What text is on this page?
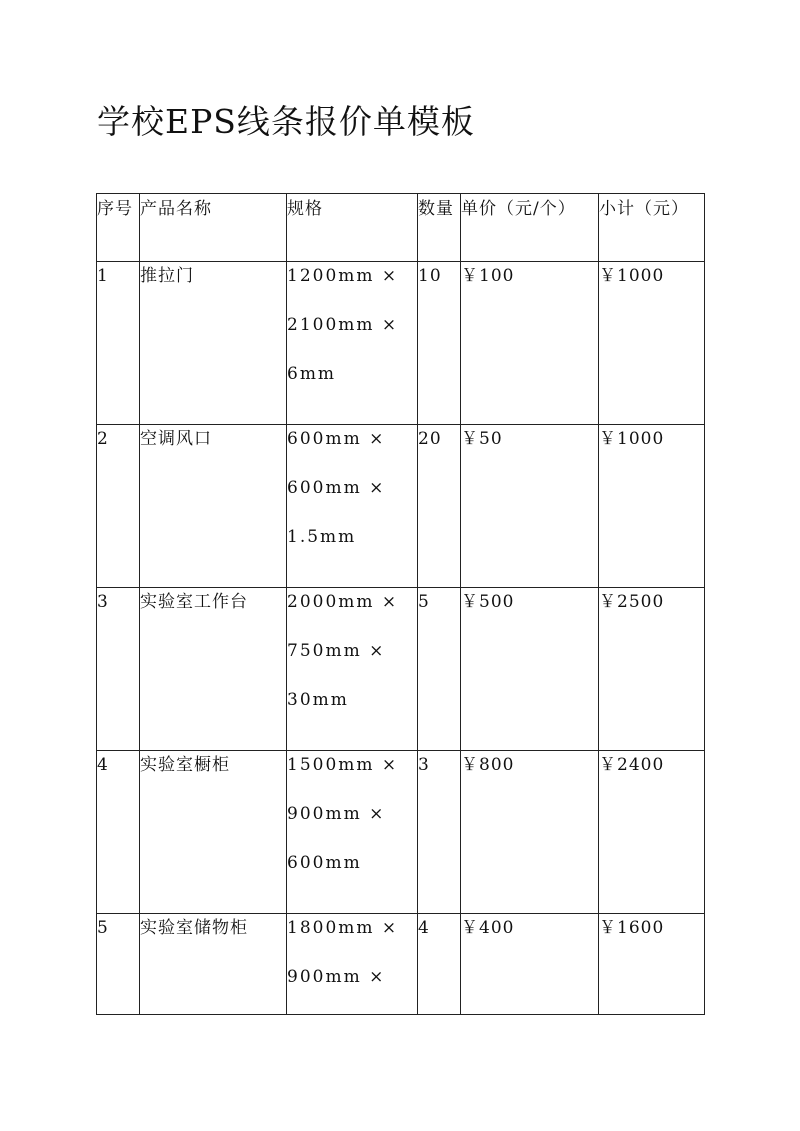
学校EPS线条报价单模板
序号	产品名称	规格	数量	单价（元/个）	小计（元）

1	推拉门	1200mm ×
2100mm ×
6mm	10	￥100	￥1000

2	空调风口	600mm ×
600mm ×
1.5mm	20	￥50	￥1000

3	实验室工作台	2000mm ×
750mm ×
30mm	5	￥500	￥2500

4	实验室橱柜	1500mm ×
900mm ×
600mm	3	￥800	￥2400

5	实验室储物柜	1800mm ×
900mm ×	4	￥400	￥1600
